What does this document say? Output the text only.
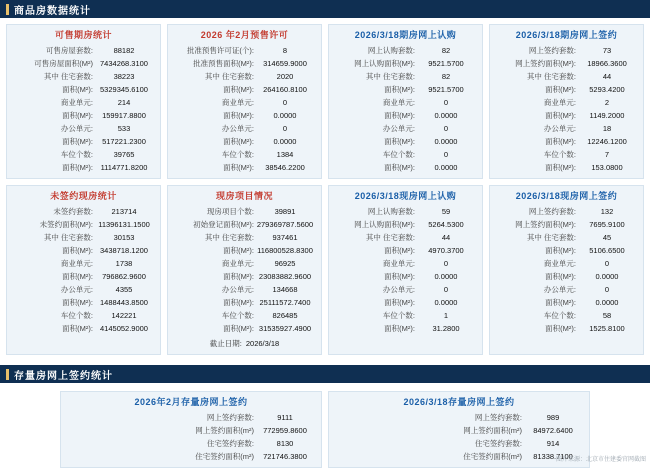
商品房数据统计
可售期房统计
可售房屋套数:	88182
可售房屋面积(M²) 7434268.3100
其中 住宅套数:	38223
面积(M²): 5329345.6100
商业单元:	214
面积(M²):	159917.8800
办公单元:	533
面积(M²):	517221.2300
车位个数:	39765
面积(M²):	1114771.8200
2026 年2月预售许可
批准预售许可证(个):	8
批准预售面积(M²):	314659.9000
其中 住宅套数:	2020
面积(M²):	264160.8100
商业单元:	0
面积(M²):	0.0000
办公单元:	0
面积(M²):	0.0000
车位个数:	1384
面积(M²):	38546.2200
2026/3/18期房网上认购
网上认购套数:	82
网上认购面积(M²):	9521.5700
其中 住宅套数:	82
面积(M²):	9521.5700
商业单元:	0
面积(M²):	0.0000
办公单元:	0
面积(M²):	0.0000
车位个数:	0
面积(M²):	0.0000
2026/3/18期房网上签约
网上签约套数:	73
网上签约面积(M²):	18966.3600
其中 住宅套数:	44
面积(M²):	5293.4200
商业单元:	2
面积(M²):	1149.2000
办公单元:	18
面积(M²):	12246.1200
车位个数:	7
面积(M²):	153.0800
未签约现房统计
未签约套数:	213714
未签约面积(M²): 11396131.1500
其中 住宅套数:	30153
面积(M²): 3438718.1200
商业单元:	1738
面积(M²):	796862.9600
办公单元:	4355
面积(M²): 1488443.8500
车位个数:	142221
面积(M²): 4145052.9000
现房项目情况
现房项目个数:	39891
初始登记面积(M²): 279369787.5600
其中 住宅套数:	937461
面积(M²): 116800528.8300
商业单元:	96925
面积(M²): 23083882.9600
办公单元:	134668
面积(M²): 25111572.7400
车位个数:	826485
面积(M²): 31535927.4900
截止日期: 2026/3/18
2026/3/18现房网上认购
网上认购套数:	59
网上认购面积(M²):	5264.5300
其中 住宅套数:	44
面积(M²):	4970.3700
商业单元:	0
面积(M²):	0.0000
办公单元:	0
面积(M²):	0.0000
车位个数:	1
面积(M²):	31.2800
2026/3/18现房网上签约
网上签约套数:	132
网上签约面积(M²):	7695.9100
其中 住宅套数:	45
面积(M²):	5106.6500
商业单元:	0
面积(M²):	0.0000
办公单元:	0
面积(M²):	0.0000
车位个数:	58
面积(M²):	1525.8100
存量房网上签约统计
2026年2月存量房网上签约
网上签约套数:	9111
网上签约面积(m²)	772959.8600
住宅签约套数:	8130
住宅签约面积(m²)	721746.3800
2026/3/18存量房网上签约
网上签约套数:	989
网上签约面积(m²)	84972.6400
住宅签约套数:	914
住宅签约面积(m²)	81338.7100
图片来源：北京市住建委官网截图
